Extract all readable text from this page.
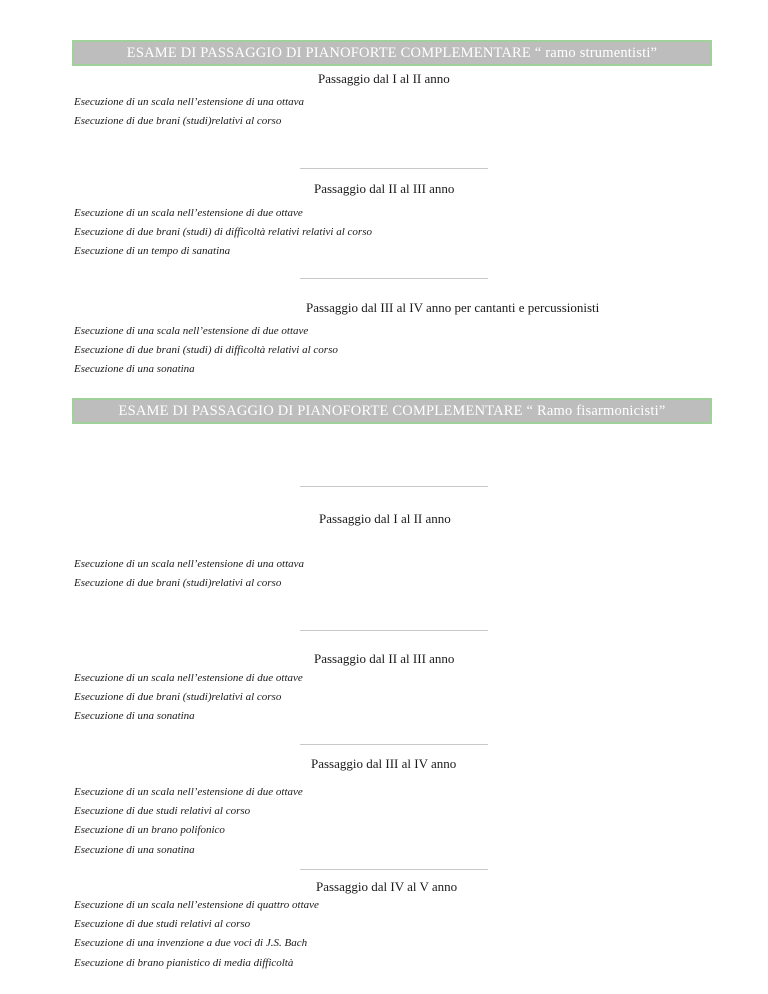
ESAME DI PASSAGGIO DI PIANOFORTE COMPLEMENTARE “ ramo strumentisti”
Passaggio dal I al II anno
Esecuzione di un scala nell’estensione di una ottava
Esecuzione di due brani (studi)relativi al corso
Passaggio dal II al III anno
Esecuzione di un scala nell’estensione di due ottave
Esecuzione di due brani (studi) di difficoltà relativi relativi al corso
Esecuzione di un tempo di sanatina
Passaggio dal III al IV anno per cantanti e percussionisti
Esecuzione di una scala nell’estensione di due ottave
Esecuzione di due brani (studi) di difficoltà relativi al corso
Esecuzione di una sonatina
ESAME DI PASSAGGIO DI PIANOFORTE COMPLEMENTARE “ Ramo fisarmonicisti”
Passaggio dal I al II anno
Esecuzione di un scala nell’estensione di una ottava
Esecuzione di due brani (studi)relativi al corso
Passaggio dal II al III anno
Esecuzione di un scala nell’estensione di due ottave
Esecuzione di due brani (studi)relativi al corso
Esecuzione di una sonatina
Passaggio dal III al IV anno
Esecuzione di un scala nell’estensione di due ottave
Esecuzione di due studi relativi al corso
Esecuzione di un brano polifonico
Esecuzione di una sonatina
Passaggio dal IV al V anno
Esecuzione di un scala nell’estensione di quattro ottave
Esecuzione di due studi relativi al corso
Esecuzione di una invenzione a due voci di J.S. Bach
Esecuzione di brano pianistico di media difficoltà
